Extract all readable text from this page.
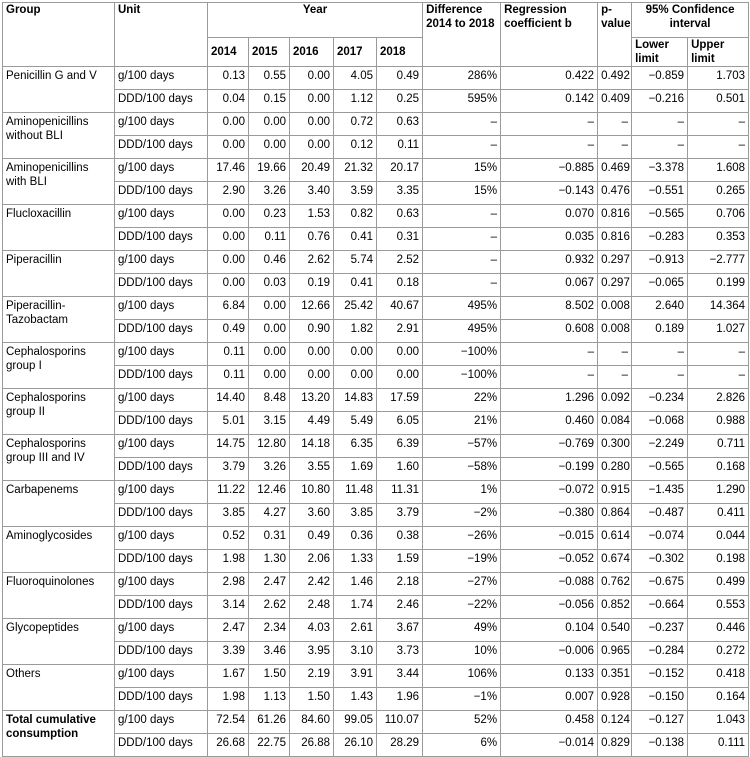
Group	Unit	Year					Difference 2014 to 2018	Regression coefficient b	p-value	95% Confidence interval	
		2014	2015	2016	2017	2018				Lower limit	Upper limit
Penicillin G and V	g/100 days	0.13	0.55	0.00	4.05	0.49	286%	0.422	0.492	−0.859	1.703
	DDD/100 days	0.04	0.15	0.00	1.12	0.25	595%	0.142	0.409	−0.216	0.501
Aminopenicillins without BLI	g/100 days	0.00	0.00	0.00	0.72	0.63	–	–	–	–	–
	DDD/100 days	0.00	0.00	0.00	0.12	0.11	–	–	–	–	–
Aminopenicillins with BLI	g/100 days	17.46	19.66	20.49	21.32	20.17	15%	−0.885	0.469	−3.378	1.608
	DDD/100 days	2.90	3.26	3.40	3.59	3.35	15%	−0.143	0.476	−0.551	0.265
Flucloxacillin	g/100 days	0.00	0.23	1.53	0.82	0.63	–	0.070	0.816	−0.565	0.706
	DDD/100 days	0.00	0.11	0.76	0.41	0.31	–	0.035	0.816	−0.283	0.353
Piperacillin	g/100 days	0.00	0.46	2.62	5.74	2.52	–	0.932	0.297	−0.913	−2.777
	DDD/100 days	0.00	0.03	0.19	0.41	0.18	–	0.067	0.297	−0.065	0.199
Piperacillin-Tazobactam	g/100 days	6.84	0.00	12.66	25.42	40.67	495%	8.502	0.008	2.640	14.364
	DDD/100 days	0.49	0.00	0.90	1.82	2.91	495%	0.608	0.008	0.189	1.027
Cephalosporins group I	g/100 days	0.11	0.00	0.00	0.00	0.00	−100%	–	–	–	–
	DDD/100 days	0.11	0.00	0.00	0.00	0.00	−100%	–	–	–	–
Cephalosporins group II	g/100 days	14.40	8.48	13.20	14.83	17.59	22%	1.296	0.092	−0.234	2.826
	DDD/100 days	5.01	3.15	4.49	5.49	6.05	21%	0.460	0.084	−0.068	0.988
Cephalosporins group III and IV	g/100 days	14.75	12.80	14.18	6.35	6.39	−57%	−0.769	0.300	−2.249	0.711
	DDD/100 days	3.79	3.26	3.55	1.69	1.60	−58%	−0.199	0.280	−0.565	0.168
Carbapenems	g/100 days	11.22	12.46	10.80	11.48	11.31	1%	−0.072	0.915	−1.435	1.290
	DDD/100 days	3.85	4.27	3.60	3.85	3.79	−2%	−0.380	0.864	−0.487	0.411
Aminoglycosides	g/100 days	0.52	0.31	0.49	0.36	0.38	−26%	−0.015	0.614	−0.074	0.044
	DDD/100 days	1.98	1.30	2.06	1.33	1.59	−19%	−0.052	0.674	−0.302	0.198
Fluoroquinolones	g/100 days	2.98	2.47	2.42	1.46	2.18	−27%	−0.088	0.762	−0.675	0.499
	DDD/100 days	3.14	2.62	2.48	1.74	2.46	−22%	−0.056	0.852	−0.664	0.553
Glycopeptides	g/100 days	2.47	2.34	4.03	2.61	3.67	49%	0.104	0.540	−0.237	0.446
	DDD/100 days	3.39	3.46	3.95	3.10	3.73	10%	−0.006	0.965	−0.284	0.272
Others	g/100 days	1.67	1.50	2.19	3.91	3.44	106%	0.133	0.351	−0.152	0.418
	DDD/100 days	1.98	1.13	1.50	1.43	1.96	−1%	0.007	0.928	−0.150	0.164
Total cumulative consumption	g/100 days	72.54	61.26	84.60	99.05	110.07	52%	0.458	0.124	−0.127	1.043
	DDD/100 days	26.68	22.75	26.88	26.10	28.29	6%	−0.014	0.829	−0.138	0.111
